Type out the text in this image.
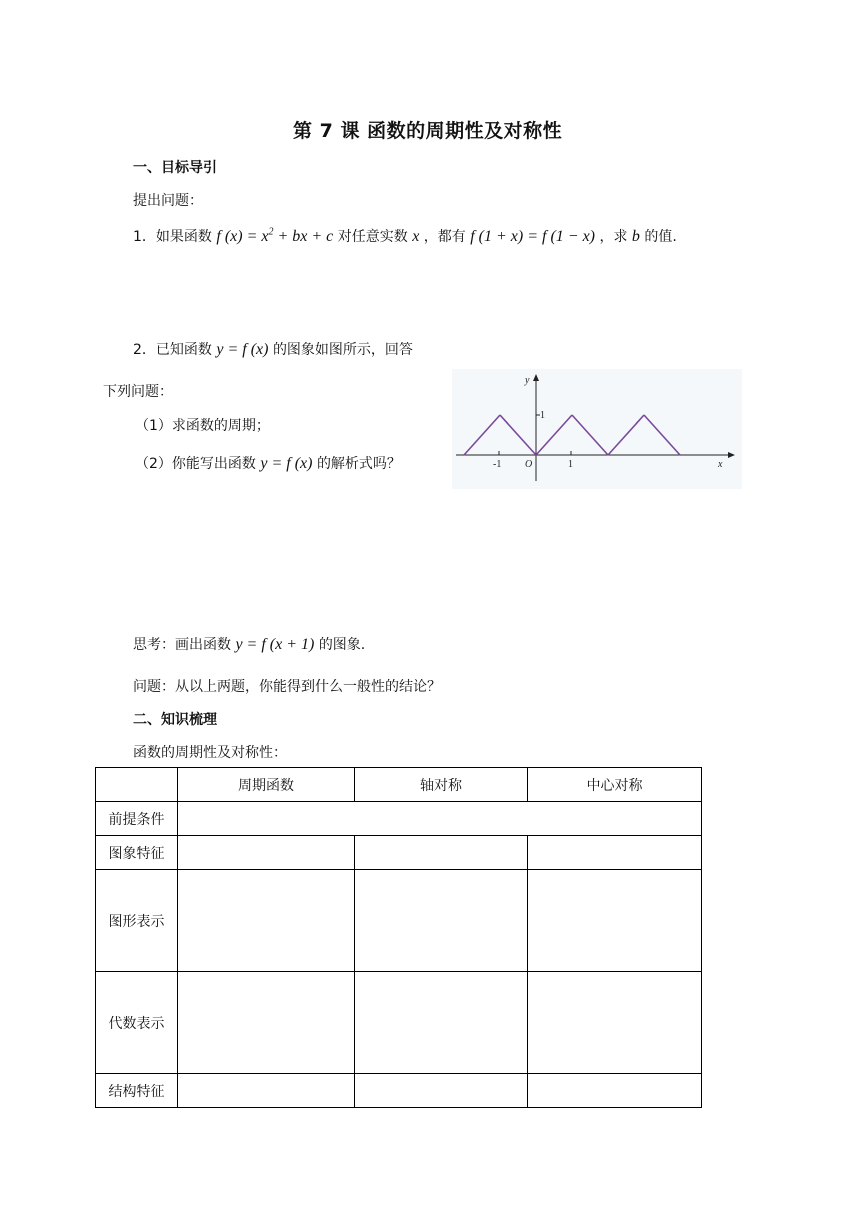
第 7 课 函数的周期性及对称性
一、目标导引
提出问题：
1．如果函数 f $(x) = x^2$ + bx + c 对任意实数 x ，都有 f (1 + x) = f (1 − x) ，求 b 的值.
2．已知函数 y = f (x) 的图象如图所示，回答
下列问题：
（1）求函数的周期；
（2）你能写出函数 y = f (x) 的解析式吗？
y
x
O
1
-1	1
思考：画出函数 y = f (x + 1) 的图象.
问题：从以上两题，你能得到什么一般性的结论？
二、知识梳理
函数的周期性及对称性：
	周期函数	轴对称	中心对称
前提条件			
图象特征			
图形表示			
代数表示			
结构特征			
